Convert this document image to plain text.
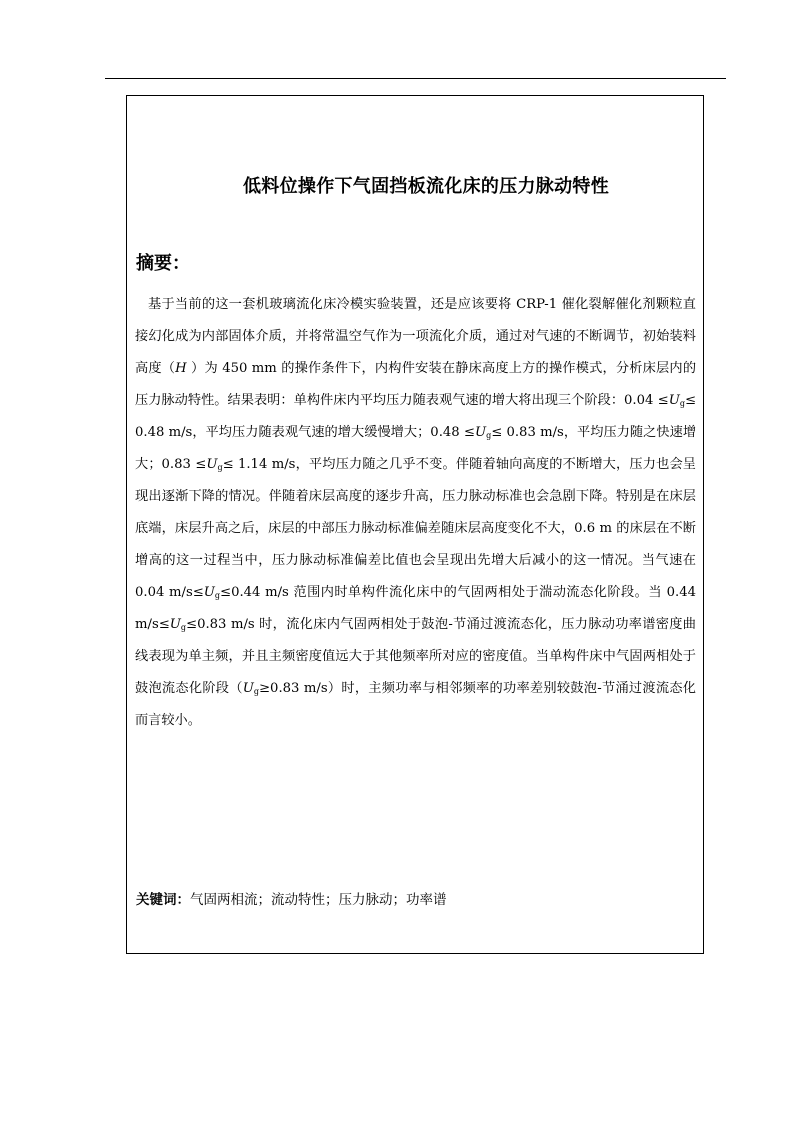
低料位操作下气固挡板流化床的压力脉动特性
摘要：

基于当前的这一套机玻璃流化床冷模实验装置，还是应该要将 CRP-1 催化裂解催化剂颗粒直接幻化成为内部固体介质，并将常温空气作为一项流化介质，通过对气速的不断调节，初始装料高度（H ）为 450 mm 的操作条件下，内构件安装在静床高度上方的操作模式，分析床层内的压力脉动特性。结果表明：单构件床内平均压力随表观气速的增大将出现三个阶段：$0.04 \le U_g\le 0.48$ m/s，平均压力随表观气速的增大缓慢增大；$0.48 \le U_g\le 0.83$ m/s，平均压力随之快速增大；$0.83 \le U_g\le 1.14$ m/s，平均压力随之几乎不变。伴随着轴向高度的不断增大，压力也会呈现出逐渐下降的情况。伴随着床层高度的逐步升高，压力脉动标准也会急剧下降。特别是在床层底端，床层升高之后，床层的中部压力脉动标准偏差随床层高度变化不大，0.6 m 的床层在不断增高的这一过程当中，压力脉动标准偏差比值也会呈现出先增大后减小的这一情况。当气速在 0.04 $m/s\le U_g\le 0.44$ m/s 范围内时单构件流化床中的气固两相处于湍动流态化阶段。当 0.44 $m/s\le U_g\le 0.83$ m/s 时，流化床内气固两相处于鼓泡-节涌过渡流态化，压力脉动功率谱密度曲线表现为单主频，并且主频密度值远大于其他频率所对应的密度值。当单构件床中气固两相处于鼓泡流态化阶段（$U_g\ge 0.83$ m/s）时，主频功率与相邻频率的功率差别较鼓泡-节涌过渡流态化而言较小。

关键词：气固两相流；流动特性；压力脉动；功率谱
